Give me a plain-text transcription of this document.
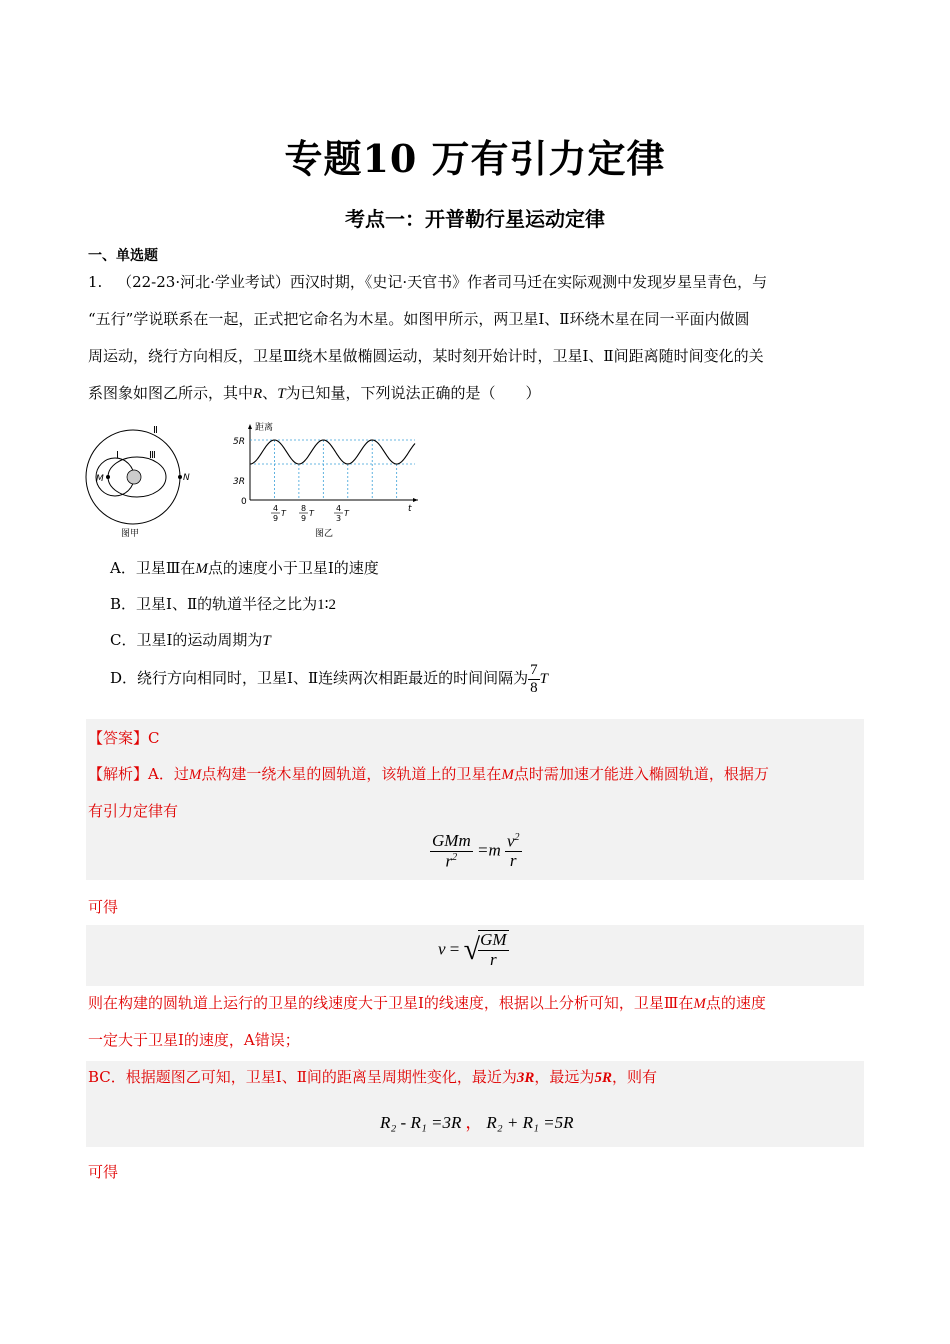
专题10 万有引力定律
考点一：开普勒行星运动定律
一、单选题
1. （22-23·河北·学业考试）西汉时期，《史记·天官书》作者司马迁在实际观测中发现岁星呈青色，与
“五行”学说联系在一起，正式把它命名为木星。如图甲所示，两卫星Ⅰ、Ⅱ环绕木星在同一平面内做圆
周运动，绕行方向相反，卫星Ⅲ绕木星做椭圆运动，某时刻开始计时，卫星Ⅰ、Ⅱ间距离随时间变化的关
系图象如图乙所示，其中R、T为已知量，下列说法正确的是（　　）
Ⅱ
Ⅰ	Ⅲ
M	N
图甲
距离
5R
3R
0
t
4
9
T
8
9
T
4
3
T
图乙
A．卫星Ⅲ在M点的速度小于卫星Ⅰ的速度
B．卫星Ⅰ、Ⅱ的轨道半径之比为1∶2
C．卫星Ⅰ的运动周期为T
D．绕行方向相同时，卫星Ⅰ、Ⅱ连续两次相距最近的时间间隔为 $\frac{7}{8}$ T
【答案】C
【解析】A．过M点构建一绕木星的圆轨道，该轨道上的卫星在M点时需加速才能进入椭圆轨道，根据万
有引力定律有
$\frac{\text{GMm}}{r^2} =m \frac{v^2}{r}$
可得
v = √
$\frac{GM}{r}$
则在构建的圆轨道上运行的卫星的线速度大于卫星Ⅰ的线速度，根据以上分析可知，卫星Ⅲ在M点的速度
一定大于卫星Ⅰ的速度，A错误；
BC．根据题图乙可知，卫星Ⅰ、Ⅱ间的距离呈周期性变化，最近为3R，最远为5R，则有
R₂ - R₁ =3R ， R₂ + R₁ =5R
可得
